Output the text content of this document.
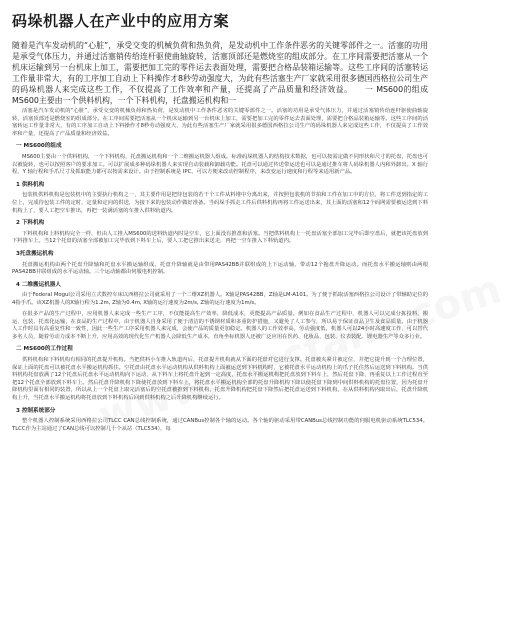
码垛机器人在产业中的应用方案
随着是汽车发动机的“心脏”，承受交变的机械负荷和热负荷，是发动机中工作条件恶劣的关键零部件之一。活塞的功用是承受气体压力，并通过活塞销传给连杆驱使曲轴旋转，活塞顶部还是燃烧室的组成部分。在工序间需要把活塞从一个机床运输到另一台机床上加工，需要把加工完的零件运去表面处理，需要把合格品装箱运输等。这些工序间的活塞转运工作量非常大，有的工序加工自动上下料操作才8秒劳动强度大，为此有些活塞生产厂家就采用很多德国西格拉公司生产的码垛机器人来完成这些工作，不仅提高了工作效率和产量，还提高了产品质量和经济效益。　　一 MS600的组成　　MS600主要由一个供料机构，一个下料机构，托盘搬运机构和一

活塞是汽车发动机的“心脏”，承受交变的机械负荷和热负荷，是发动机中工作条件恶劣的关键零部件之一。活塞的功用是承受气体压力，并通过活塞销传给连杆驱使曲轴旋转，活塞顶部还是燃烧室的组成部分。在工序间需要把活塞从一个机床运输到另一台机床上加工，需要把加工完的零件运去表面处理，需要把合格品装箱运输等。这些工序间的活塞转运工作量非常大，有的工序加工自动上下料操作才8秒劳动强度大，为此有些活塞生产厂家就采用很多德国西格拉公司生产的码垛机器人来完成这些工作，不仅提高了工作效率和产量，还提高了产品质量和经济效益。

一 MS600的组成

MS600主要由一个供料机构，一个下料机构，托盘搬运机构和一个二维搬运机器人组成。标准码垛机器人的结构技术数据，也可以按需定做不同形状和尺寸的托盘，托盘也可以被旋转，也可以按照客户的要求加工。可以扩展成多种码垛机器人来实现自动装载和卸载功能。托盘可以通过传送带运送也可以是通过推车将人码垛机器人内和外卸出。X 轴行程，Y 轴行程和手爪尺寸及抓取能力都可以按需来设计。由于控制系统是 IPC，可以方便来改动控制程序，来改变运行速度和行程等来适用新产品。

1 供料机构

包装机供料机构是包装机中的主要执行机构之一，其主要作用是把待包装的若干个工件从料堆中分离出来，并按照包装机的节拍和工件在加工中的方位，将工件送到指定的工位上，完成待包装工件的定时、定量和定向的供送，为接下来的包装动作做好准备。当码垛手抓走工件后供料机构再将工件运送出来，其上面的活塞和12个码网需要被运送到下料机构上了，要人工把空车推出，再把一装满活塞的车推入供料轨道内。

2 下料机构

下料机构和上料机构完全一样，但由人工推入MS600的送料轨道内时是空车，它上面没有推盘和活塞。当把供料机构上一托盘活塞全部加工完毕后即空盘后，就把该托盘放到下料推车上。当12个托盘的活塞全部被加工完毕放到下料车上后，要人工把它推出来送走，再把一空车推入下料轨道内。

3托盘搬运机构

托盘搬运机构由两个托盘升降轴和托盘水平搬运轴组成。托盘升降轴就是由带用PAS42BB并联组成的上下运动轴，带动12个拖盘升降运动。而托盘水平搬运轴则由两根PAS42BB并联组成的水平运动轴。三个运动轴都由伺服电机控制。

4 二维搬运机器人

由于Federal Mogul公司采用立式数控车床以西格拉公司就采用了一个二维XZ机器人。X轴是PAS42BB，Z轴是LM-A101。为了便于抓取活塞西格拉公司设计了带辅助定位的4指手爪。该XZ机器人的X轴行程为1.2m, Z轴为0.4m, X轴的运行速度为2m/s, Z轴的运行速度为1m/s。

在很多产品的生产过程中，应用机器人来完成一些生产工序，不仅能提高生产效率，降低成本，更能提高产品质量。例如在食品生产过程中，机器人可以完成分拣投料、搬运、包装、托盘化运输，在食品的生产过程中，由于机器人自身采用了便于清洁的不锈钢材质和多重防护措施，又避免了人工参与，所以易于保证食品卫生及食品质量。由于机器人工作时具有高重复性和一致性，因此一些生产工序采用机器人来完成，会使产品的质量更加稳定。机器人的工作效率高，劳动强度低，机器人可以24小时高速度工作，可以替代多名人员，随着劳动力成本不断上升，应用高效的现代化生产机器人会降低生产成本，直角坐标机器人还被广泛应用在医药、化妆品、包装、仪表装配、锂电器生产等众多行业。

二 MS600的工作过程

供料机构和下料机构有相同的托盘提升机构。当把供料小车推入轨道内后，托盘提升机构就从下面的托盘对它进行支撑。托盘被夹紧并被定位，并把它提升到一个合理位置，保证上面的托盘可以被托盘水平搬运机构抓住。空托盘由托盘水平运动机构从供料机构上面被运送到下料机构时，它被托盘水平运动机构上的爪子托住然后运送到下料机构。当供料机构托盘放满了12个托盘后托盘水平运动机构向下运动，从下料车上将托盘升起到一定高度，托盘水平搬运机构把托盘放到下料车上，然后托盘下降，再重复以上工作过程直至把12个托盘全部放到下料车上。然后托盘升降机构下降使托盘放到下料车上，将托盘水平搬运机构全部的托盘升降机构下降以使托盘下降到中间供料机构的托盘位置，因为托盘升降机构里面有相同的装置，所以从上一个托盘上取完活塞后的空托盘被推到下料机构，托盘升降机构把托盘下降然后把托盘运送到下料机构，在从供料机构内取出后，托盘升降机构上升，当托盘水平搬运机构将托盘放到下料机构后回到供料机构之后升降机构继续运行。

3 控制系统部分

整个机器人控制系统采用西格拉公司TLCC CAN总线控制系统，通过CANBus控制各个轴的运动。各个轴的驱动采用带CANBus总线控制功能的伺服电机驱动系统TLC534。TLCC作为主站通过了CAN总线可以控制几十个从站（TLC534），每
